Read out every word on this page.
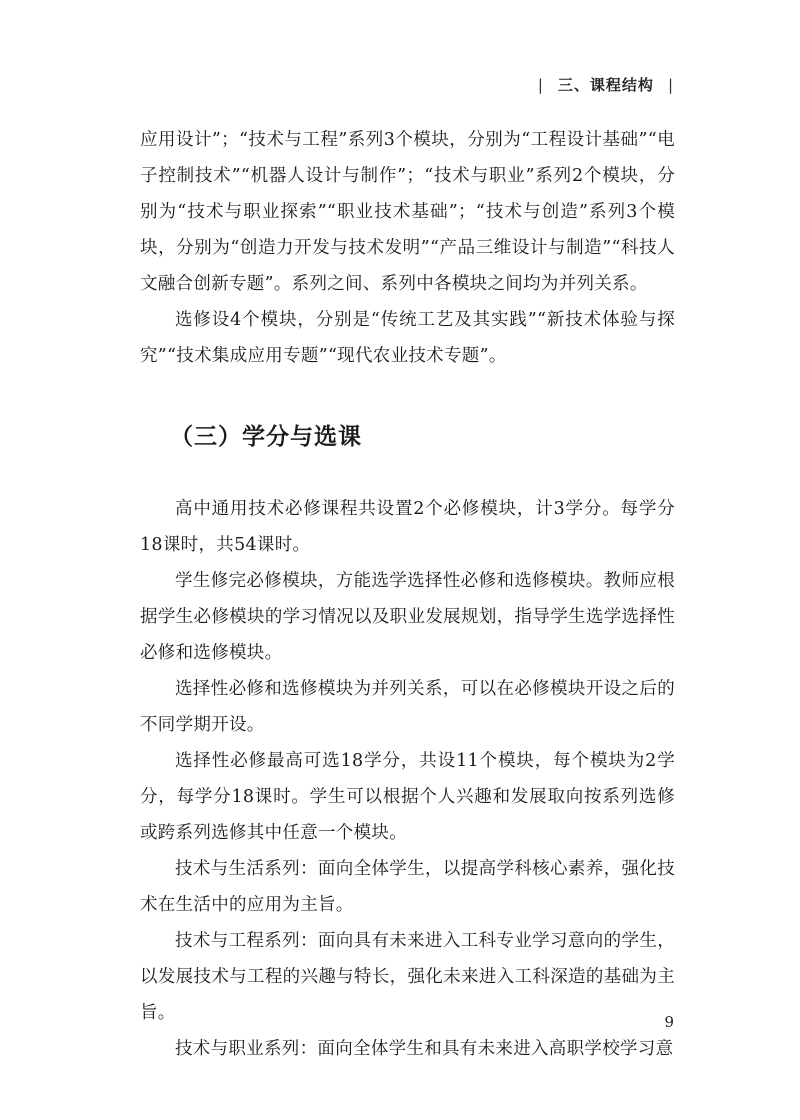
| 三、课程结构 |

应用设计”；“技术与工程”系列3个模块，分别为“工程设计基础”“电子控制技术”“机器人设计与制作”；“技术与职业”系列2个模块，分别为“技术与职业探索”“职业技术基础”；“技术与创造”系列3个模块，分别为“创造力开发与技术发明”“产品三维设计与制造”“科技人文融合创新专题”。系列之间、系列中各模块之间均为并列关系。

选修设4个模块，分别是“传统工艺及其实践”“新技术体验与探究”“技术集成应用专题”“现代农业技术专题”。

（三）学分与选课

高中通用技术必修课程共设置2个必修模块，计3学分。每学分18课时，共54课时。

学生修完必修模块，方能选学选择性必修和选修模块。教师应根据学生必修模块的学习情况以及职业发展规划，指导学生选学选择性必修和选修模块。

选择性必修和选修模块为并列关系，可以在必修模块开设之后的不同学期开设。

选择性必修最高可选18学分，共设11个模块，每个模块为2学分，每学分18课时。学生可以根据个人兴趣和发展取向按系列选修或跨系列选修其中任意一个模块。

技术与生活系列：面向全体学生，以提高学科核心素养，强化技术在生活中的应用为主旨。

技术与工程系列：面向具有未来进入工科专业学习意向的学生，以发展技术与工程的兴趣与特长，强化未来进入工科深造的基础为主旨。

技术与职业系列：面向全体学生和具有未来进入高职学校学习意

9
